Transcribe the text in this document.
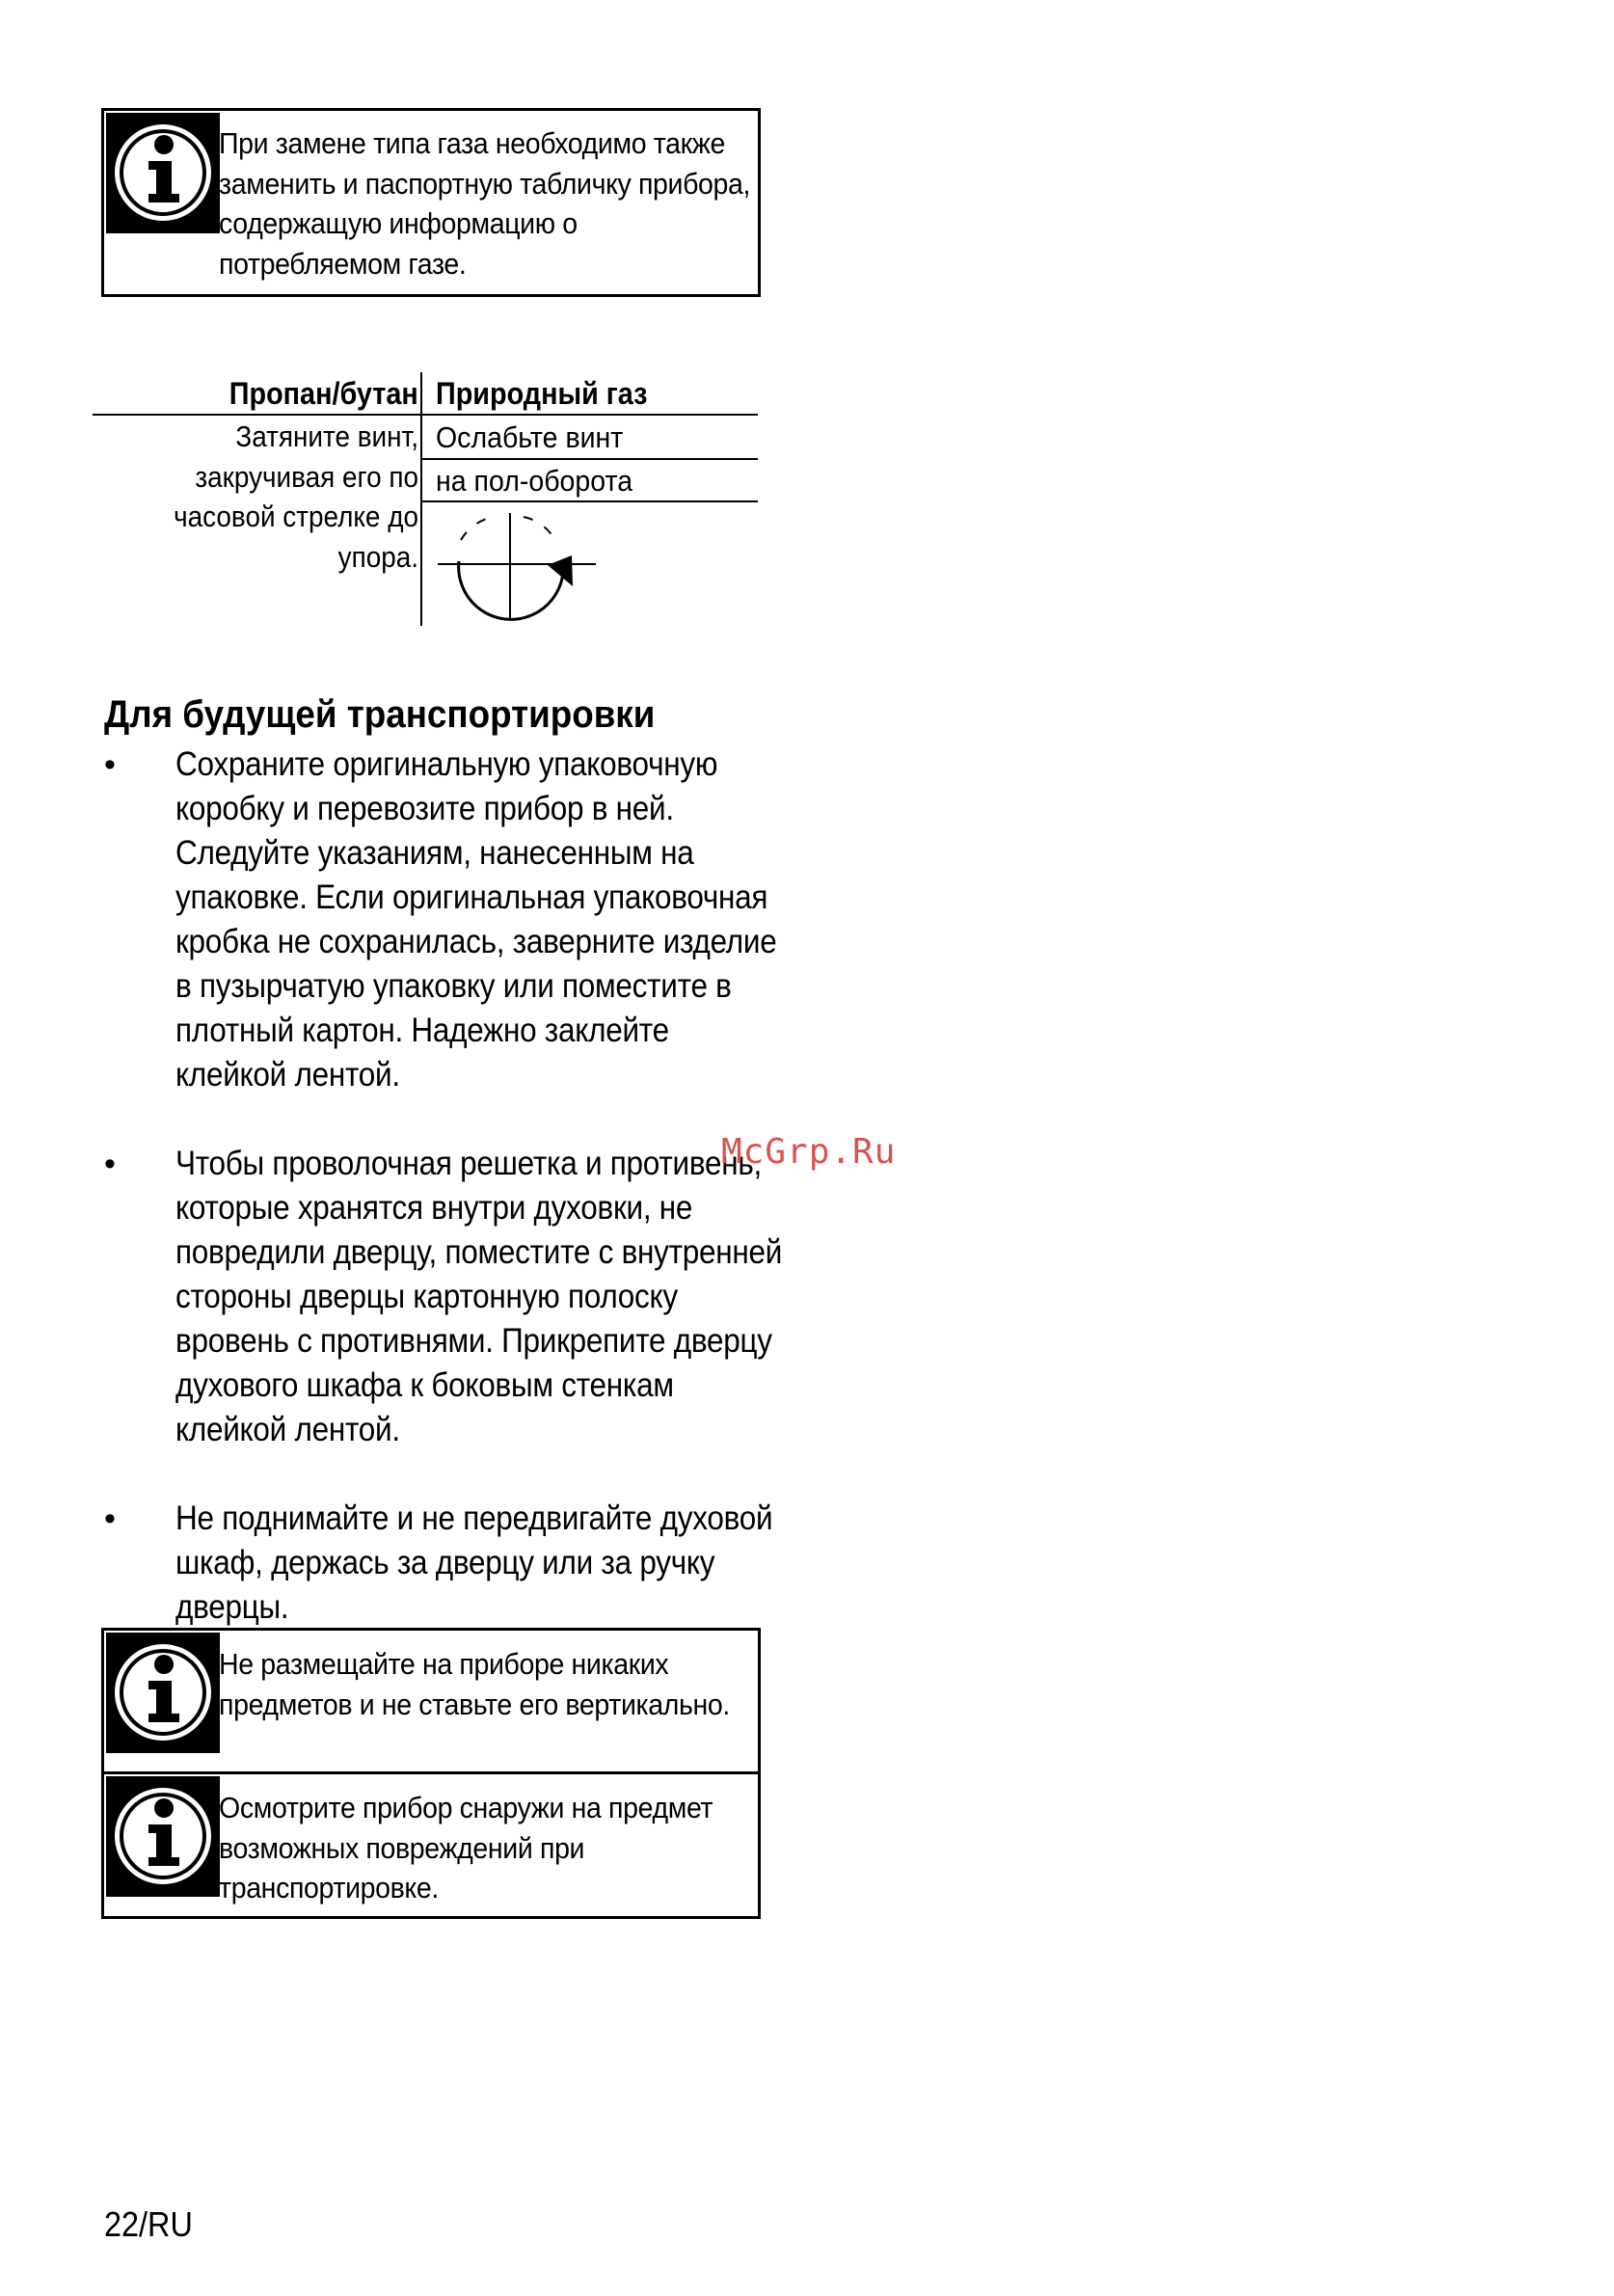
При замене типа газа необходимо также заменить и паспортную табличку прибора, содержащую информацию о потребляемом газе.
Пропан/бутан Природный газ
Затяните винт, закручивая его по часовой стрелке до упора.
Ослабьте винт
на пол-оборота
Для будущей транспортировки
• Сохраните оригинальную упаковочную коробку и перевозите прибор в ней. Следуйте указаниям, нанесенным на упаковке. Если оригинальная упаковочная кробка не сохранилась, заверните изделие в пузырчатую упаковку или поместите в плотный картон. Надежно заклейте клейкой лентой.
• Чтобы проволочная решетка и противень, которые хранятся внутри духовки, не повредили дверцу, поместите с внутренней стороны дверцы картонную полоску вровень с противнями. Прикрепите дверцу духового шкафа к боковым стенкам клейкой лентой.
• Не поднимайте и не передвигайте духовой шкаф, держась за дверцу или за ручку дверцы.
McGrp.Ru
Не размещайте на приборе никаких предметов и не ставьте его вертикально.
Осмотрите прибор снаружи на предмет возможных повреждений при транспортировке.
22/RU
